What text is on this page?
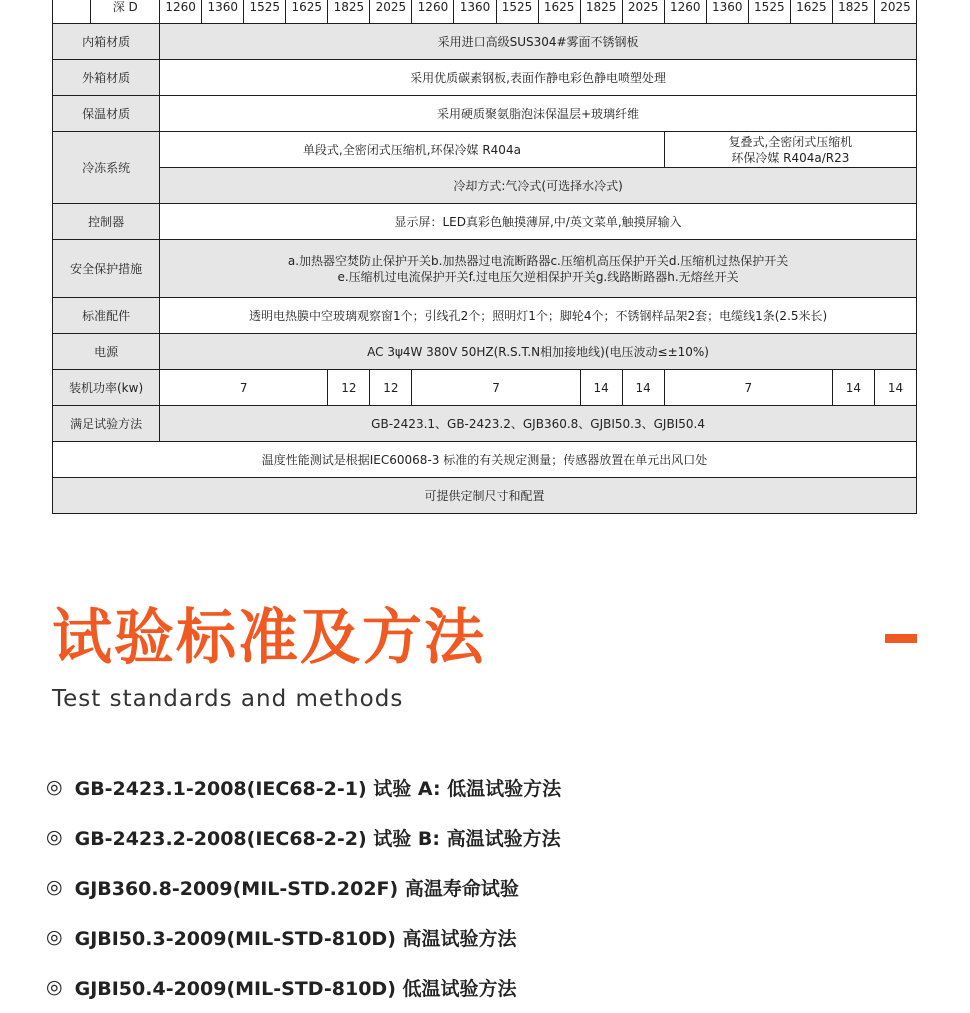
	深 D	1260	1360	1525	1625	1825	2025	1260	1360	1525	1625	1825	2025	1260	1360	1525	1625	1825	2025
内箱材质		采用进口高级SUS304#雾面不锈钢板																	
外箱材质		采用优质碳素钢板,表面作静电彩色静电喷塑处理																	
保温材质		采用硬质聚氨脂泡沫保温层+玻璃纤维																	
冷冻系统		单段式,全密闭式压缩机,环保冷媒 R404a												复叠式,全密闭式压缩机
环保冷媒 R404a/R23					

		冷却方式:气冷式(可选择水冷式)																	
控制器		显示屏：LED真彩色触摸薄屏,中/英文菜单,触摸屏输入																	
安全保护措施		a.加热器空焚防止保护开关b.加热器过电流断路器c.压缩机高压保护开关d.压缩机过热保护开关
e.压缩机过电流保护开关f.过电压欠逆相保护开关g.线路断路器h.无熔丝开关																	

标准配件		透明电热膜中空玻璃观察窗1个；引线孔2个；照明灯1个；脚轮4个；不锈钢样品架2套；电缆线1条(2.5米长)																	
电源		AC 3ψ4W 380V 50HZ(R.S.T.N相加接地线)(电压波动≤±10%)																	
装机功率(kw)		7				12	12	7				14	14	7				14	14
满足试验方法		GB-2423.1、GB-2423.2、GJB360.8、GJBI50.3、GJBI50.4																	
温度性能测试是根据IEC60068-3 标准的有关规定测量；传感器放置在单元出风口处																			
可提供定制尺寸和配置																			
试验标准及方法
Test standards and methods
◎ GB-2423.1-2008(IEC68-2-1) 试验 A: 低温试验方法
◎ GB-2423.2-2008(IEC68-2-2) 试验 B: 高温试验方法
◎ GJB360.8-2009(MIL-STD.202F) 高温寿命试验
◎ GJBI50.3-2009(MIL-STD-810D) 高温试验方法
◎ GJBI50.4-2009(MIL-STD-810D) 低温试验方法
